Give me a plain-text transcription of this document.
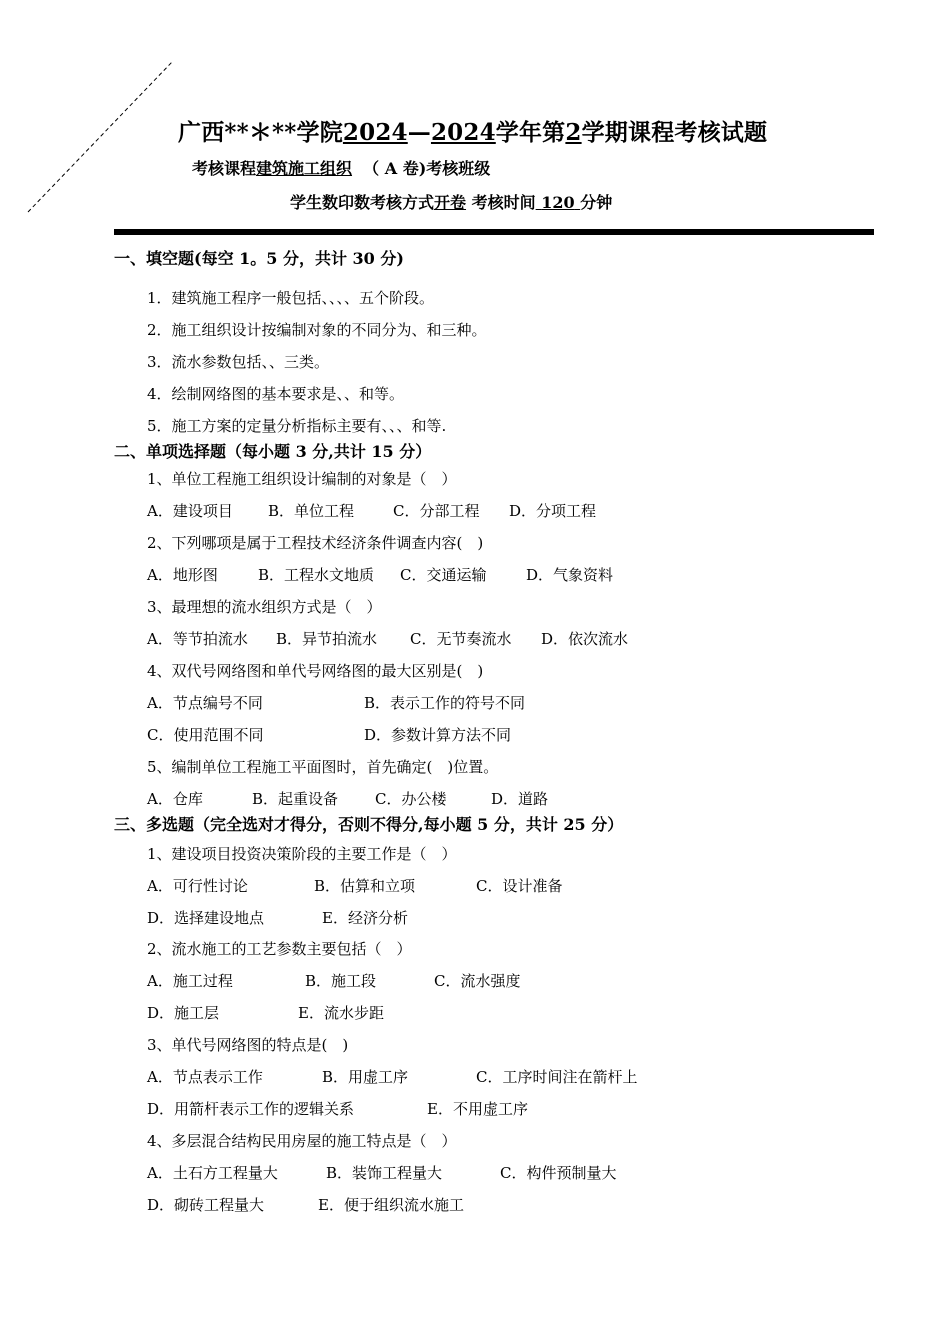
广西**＊**学院2024—2024学年第2学期课程考核试题
考核课程建筑施工组织 （ A 卷)考核班级
学生数印数考核方式开卷 考核时间 120 分钟
一、填空题(每空 1。5 分，共计 30 分)
1．建筑施工程序一般包括、、、、五个阶段。
2．施工组织设计按编制对象的不同分为、和三种。
3．流水参数包括、、三类。
4．绘制网络图的基本要求是、、和等。
5．施工方案的定量分析指标主要有、、、和等.
二、单项选择题（每小题 3 分,共计 15 分）
1、单位工程施工组织设计编制的对象是（　）
A．建设项目 B．单位工程	C．分部工程 D．分项工程
2、下列哪项是属于工程技术经济条件调查内容(　)
A．地形图	B．工程水文地质 C．交通运输	D．气象资料
3、最理想的流水组织方式是（　）
A．等节拍流水 B．异节拍流水 C．无节奏流水 D．依次流水
4、双代号网络图和单代号网络图的最大区别是(　)
A．节点编号不同	B．表示工作的符号不同
C．使用范围不同	D．参数计算方法不同
5、编制单位工程施工平面图时，首先确定(　)位置。
A．仓库	B．起重设备 C．办公楼	D．道路
三、多选题（完全选对才得分，否则不得分,每小题 5 分，共计 25 分）
1、建设项目投资决策阶段的主要工作是（　）
A．可行性讨论	B．估算和立项	C．设计准备
D．选择建设地点	E．经济分析
2、流水施工的工艺参数主要包括（　）
A．施工过程	B．施工段	C．流水强度
D．施工层	E．流水步距
3、单代号网络图的特点是(　)
A．节点表示工作	B．用虚工序	C．工序时间注在箭杆上
D．用箭杆表示工作的逻辑关系	E．不用虚工序
4、多层混合结构民用房屋的施工特点是（　）
A．土石方工程量大	B．装饰工程量大	C．构件预制量大
D．砌砖工程量大	E．便于组织流水施工
